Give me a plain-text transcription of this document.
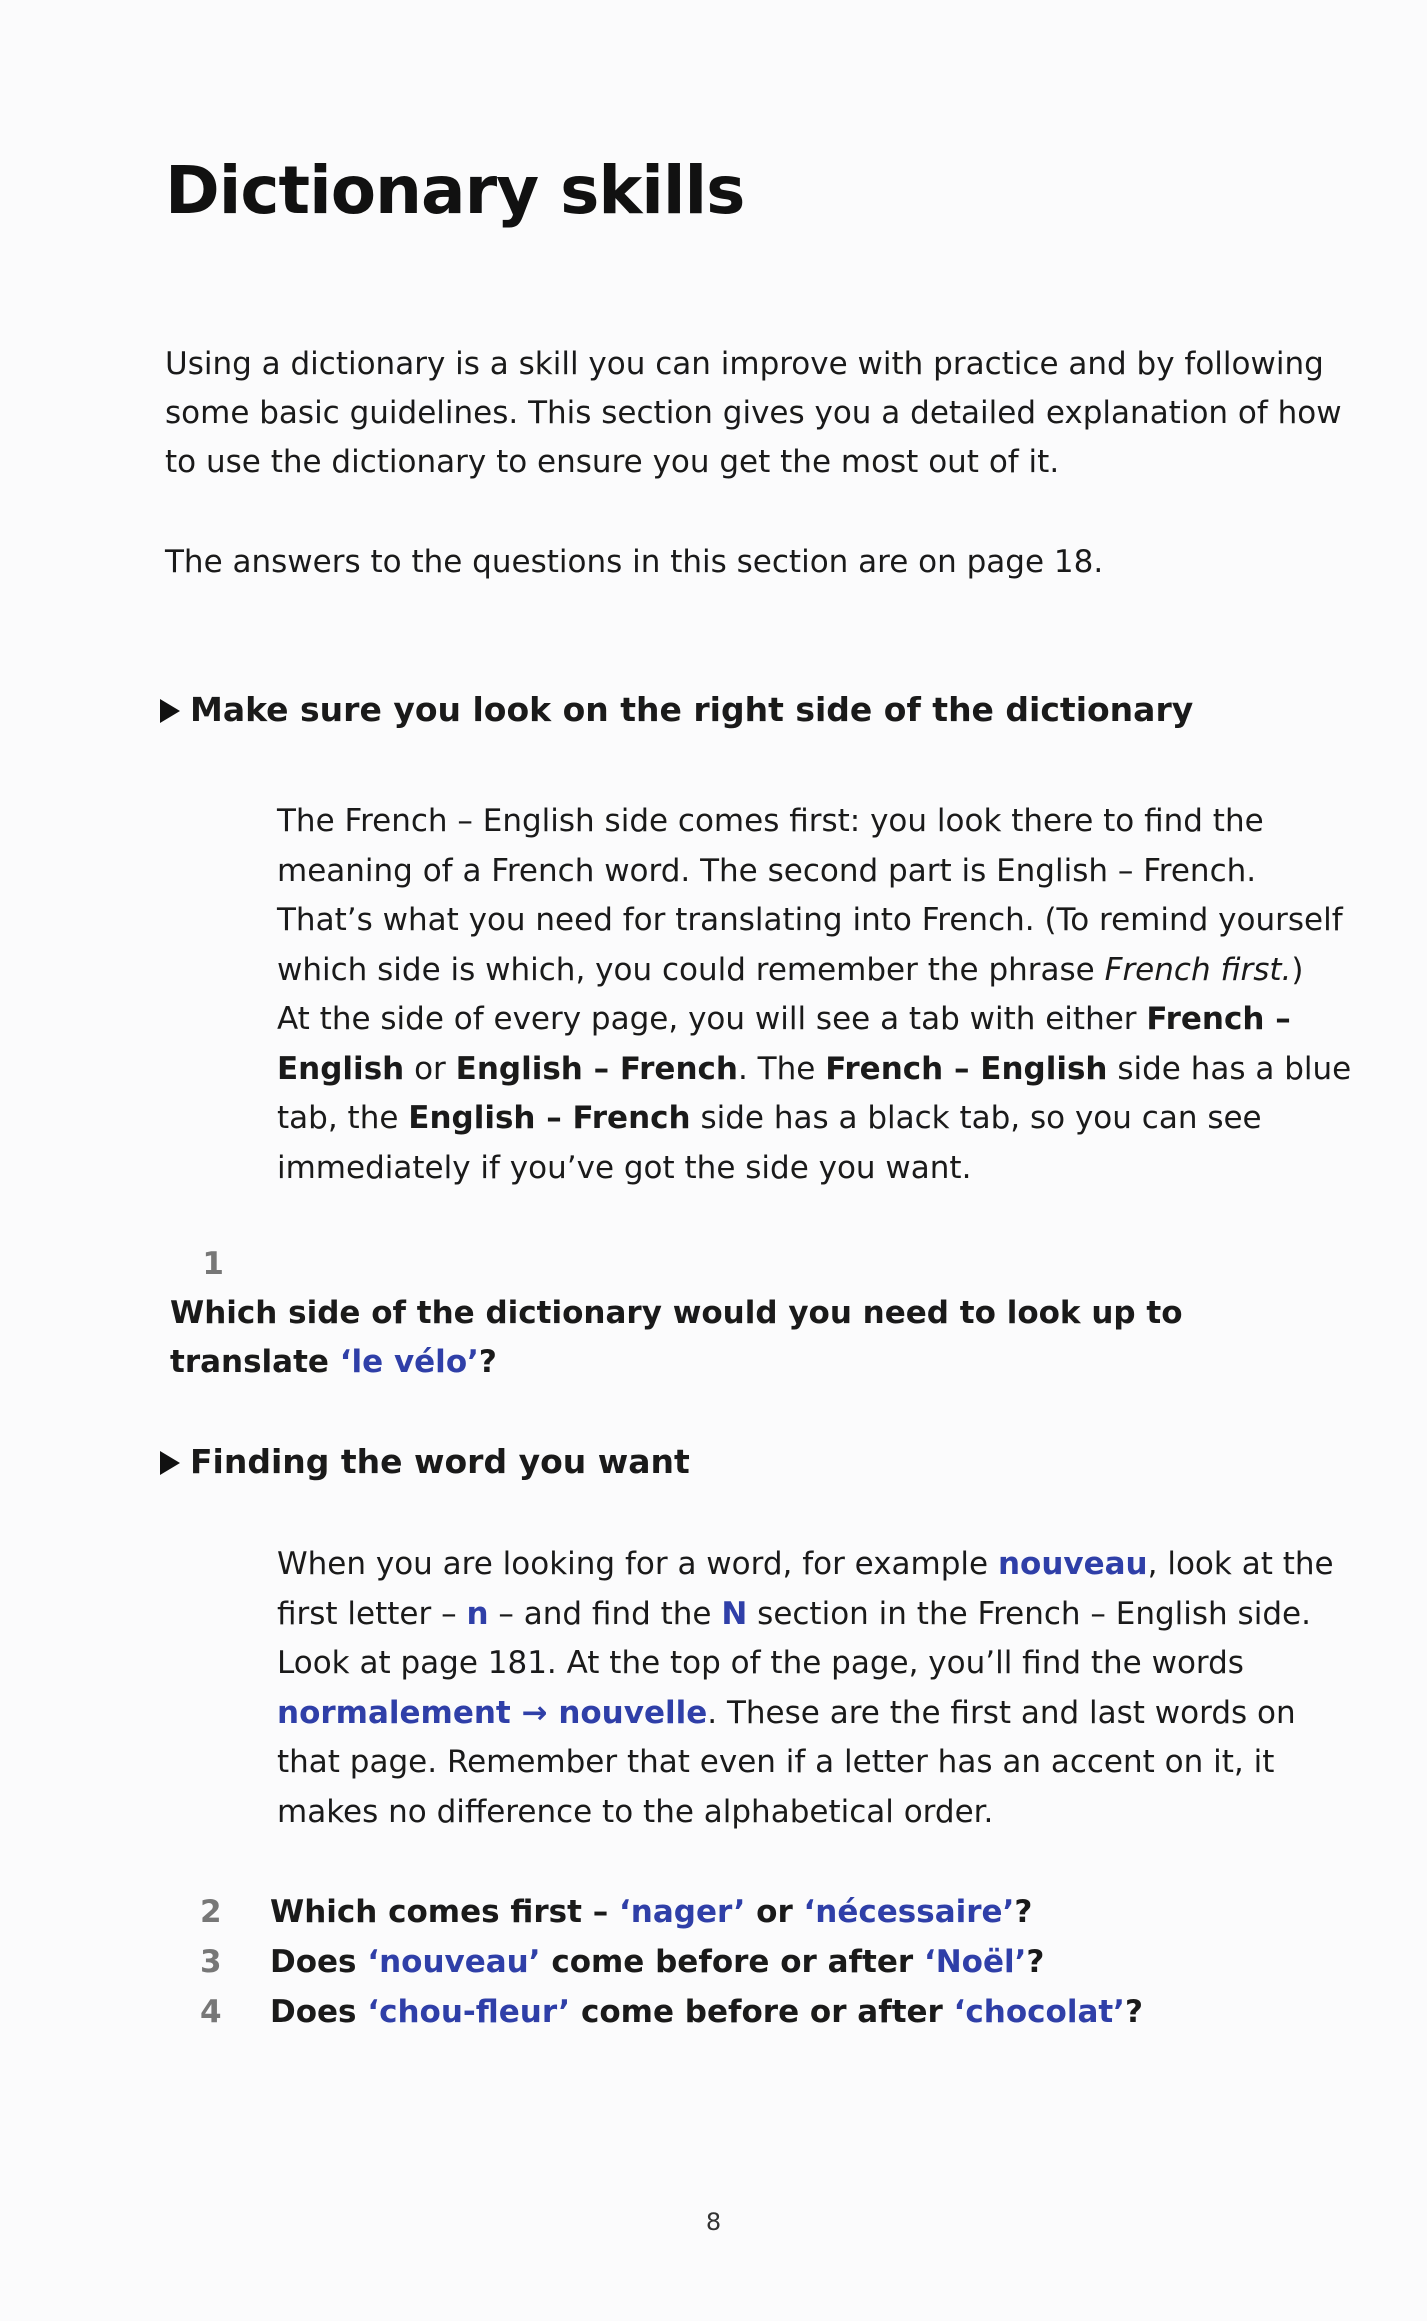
Dictionary skills
Using a dictionary is a skill you can improve with practice and by following some basic guidelines. This section gives you a detailed explanation of how to use the dictionary to ensure you get the most out of it.
The answers to the questions in this section are on page 18.
Make sure you look on the right side of the dictionary
The French – English side comes first: you look there to find the meaning of a French word. The second part is English – French. That’s what you need for translating into French. (To remind yourself which side is which, you could remember the phrase French first.)
At the side of every page, you will see a tab with either French – English or English – French. The French – English side has a blue tab, the English – French side has a black tab, so you can see immediately if you’ve got the side you want.
1Which side of the dictionary would you need to look up to translate ‘le vélo’?
Finding the word you want
When you are looking for a word, for example nouveau, look at the first letter – n – and find the N section in the French – English side. Look at page 181. At the top of the page, you’ll find the words normalement → nouvelle. These are the first and last words on that page. Remember that even if a letter has an accent on it, it makes no difference to the alphabetical order.
2 Which comes first – ‘nager’ or ‘nécessaire’?
3 Does ‘nouveau’ come before or after ‘Noël’?
4 Does ‘chou-fleur’ come before or after ‘chocolat’?
8
